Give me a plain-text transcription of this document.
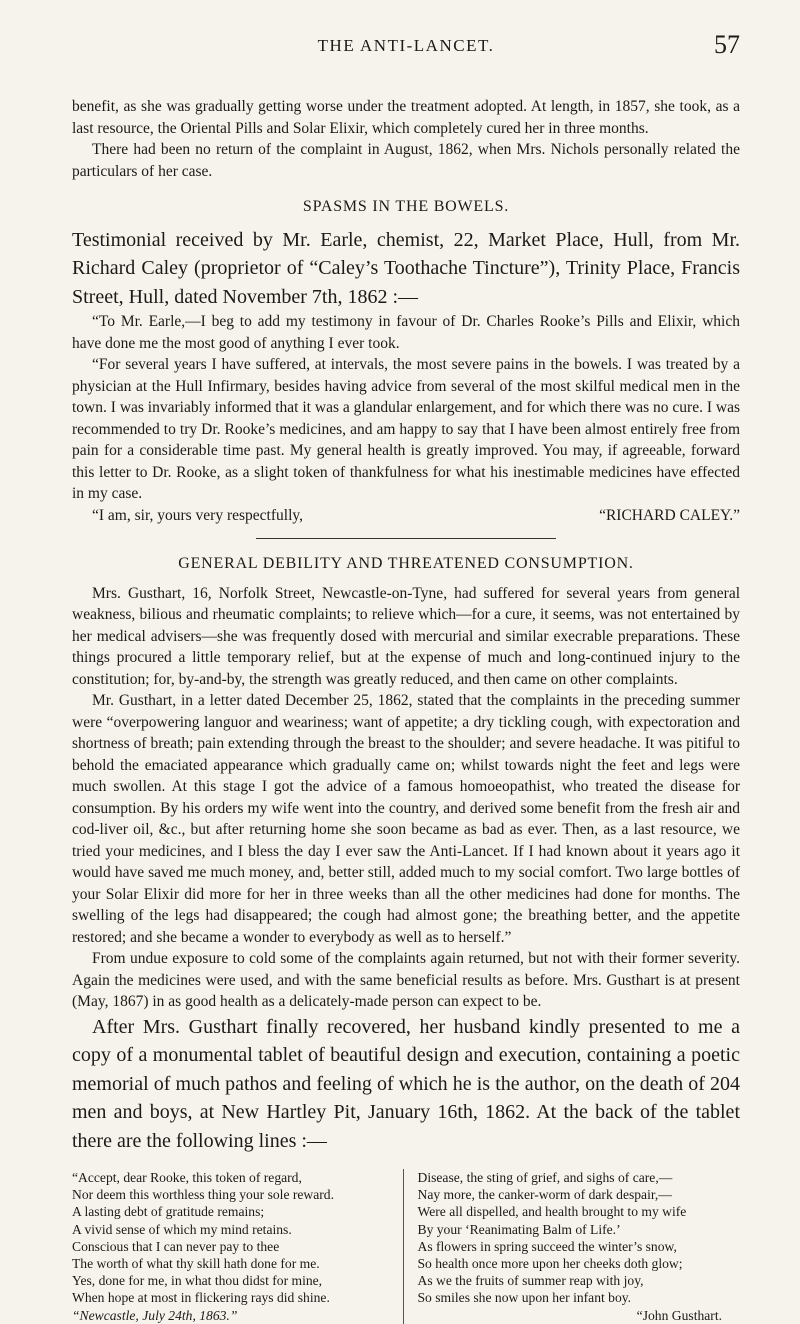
THE ANTI-LANCET.	57

benefit, as she was gradually getting worse under the treatment adopted. At length, in 1857, she took, as a last resource, the Oriental Pills and Solar Elixir, which completely cured her in three months.

There had been no return of the complaint in August, 1862, when Mrs. Nichols personally related the particulars of her case.

SPASMS IN THE BOWELS.

Testimonial received by Mr. Earle, chemist, 22, Market Place, Hull, from Mr. Richard Caley (proprietor of “Caley’s Toothache Tincture”), Trinity Place, Francis Street, Hull, dated November 7th, 1862 :—

“To Mr. Earle,—I beg to add my testimony in favour of Dr. Charles Rooke’s Pills and Elixir, which have done me the most good of anything I ever took.

“For several years I have suffered, at intervals, the most severe pains in the bowels. I was treated by a physician at the Hull Infirmary, besides having advice from several of the most skilful medical men in the town. I was invariably informed that it was a glandular enlargement, and for which there was no cure. I was recommended to try Dr. Rooke’s medicines, and am happy to say that I have been almost entirely free from pain for a considerable time past. My general health is greatly improved. You may, if agreeable, forward this letter to Dr. Rooke, as a slight token of thankfulness for what his inestimable medicines have effected in my case.

“I am, sir, yours very respectfully,	“RICHARD CALEY.”

GENERAL DEBILITY AND THREATENED CONSUMPTION.

Mrs. Gusthart, 16, Norfolk Street, Newcastle-on-Tyne, had suffered for several years from general weakness, bilious and rheumatic complaints; to relieve which—for a cure, it seems, was not entertained by her medical advisers—she was frequently dosed with mercurial and similar execrable preparations. These things procured a little temporary relief, but at the expense of much and long-continued injury to the constitution; for, by-and-by, the strength was greatly reduced, and then came on other complaints.

Mr. Gusthart, in a letter dated December 25, 1862, stated that the complaints in the preceding summer were “overpowering languor and weariness; want of appetite; a dry tickling cough, with expectoration and shortness of breath; pain extending through the breast to the shoulder; and severe headache. It was pitiful to behold the emaciated appearance which gradually came on; whilst towards night the feet and legs were much swollen. At this stage I got the advice of a famous homoeopathist, who treated the disease for consumption. By his orders my wife went into the country, and derived some benefit from the fresh air and cod-liver oil, &c., but after returning home she soon became as bad as ever. Then, as a last resource, we tried your medicines, and I bless the day I ever saw the Anti-Lancet. If I had known about it years ago it would have saved me much money, and, better still, added much to my social comfort. Two large bottles of your Solar Elixir did more for her in three weeks than all the other medicines had done for months. The swelling of the legs had disappeared; the cough had almost gone; the breathing better, and the appetite restored; and she became a wonder to everybody as well as to herself.”

From undue exposure to cold some of the complaints again returned, but not with their former severity. Again the medicines were used, and with the same beneficial results as before. Mrs. Gusthart is at present (May, 1867) in as good health as a delicately-made person can expect to be.

After Mrs. Gusthart finally recovered, her husband kindly presented to me a copy of a monumental tablet of beautiful design and execution, containing a poetic memorial of much pathos and feeling of which he is the author, on the death of 204 men and boys, at New Hartley Pit, January 16th, 1862. At the back of the tablet there are the following lines :—

“Accept, dear Rooke, this token of regard,
Nor deem this worthless thing your sole reward.
A lasting debt of gratitude remains;
A vivid sense of which my mind retains.
Conscious that I can never pay to thee
The worth of what thy skill hath done for me.
Yes, done for me, in what thou didst for mine,
When hope at most in flickering rays did shine.
“Newcastle, July 24th, 1863.”
Disease, the sting of grief, and sighs of care,—
Nay more, the canker-worm of dark despair,—
Were all dispelled, and health brought to my wife
By your ‘Reanimating Balm of Life.’
As flowers in spring succeed the winter’s snow,
So health once more upon her cheeks doth glow;
As we the fruits of summer reap with joy,
So smiles she now upon her infant boy.
“John Gusthart.
